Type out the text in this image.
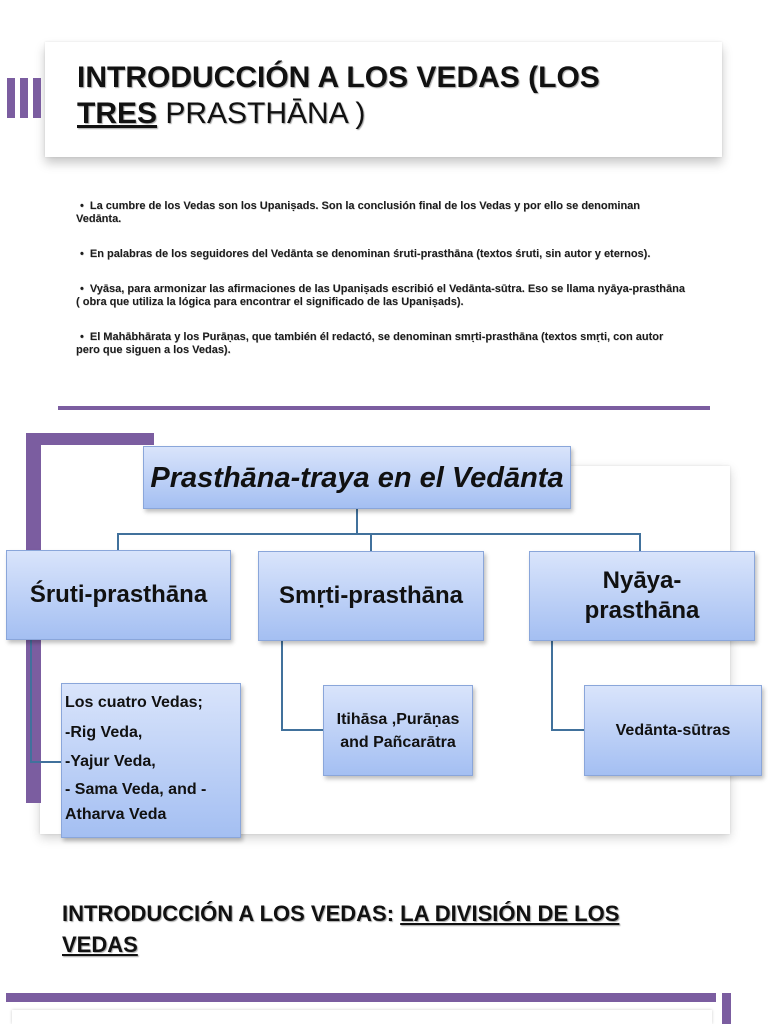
INTRODUCCIÓN A LOS VEDAS (LOS
TRES PRASTHĀNA )
• La cumbre de los Vedas son los Upaniṣads. Son la conclusión final de los Vedas y por ello se denominan Vedānta.
• En palabras de los seguidores del Vedānta se denominan śruti-prasthāna (textos śruti, sin autor y eternos).
• Vyāsa, para armonizar las afirmaciones de las Upaniṣads escribió el Vedānta-sūtra. Eso se llama nyāya-prasthāna ( obra que utiliza la lógica para encontrar el significado de las Upaniṣads).
• El Mahābhārata y los Purāṇas, que también él redactó, se denominan smṛti-prasthāna (textos smṛti, con autor pero que siguen a los Vedas).
Prasthāna-traya en el Vedānta
Śruti-prasthāna	Smṛti-prasthāna
Nyāya-prasthāna
Los cuatro Vedas;
-Rig Veda,
-Yajur Veda,
- Sama Veda, and - Atharva Veda
Itihāsa ,Purāṇas and Pañcarātra
Vedānta-sūtras
INTRODUCCIÓN A LOS VEDAS: LA DIVISIÓN DE LOS VEDAS
